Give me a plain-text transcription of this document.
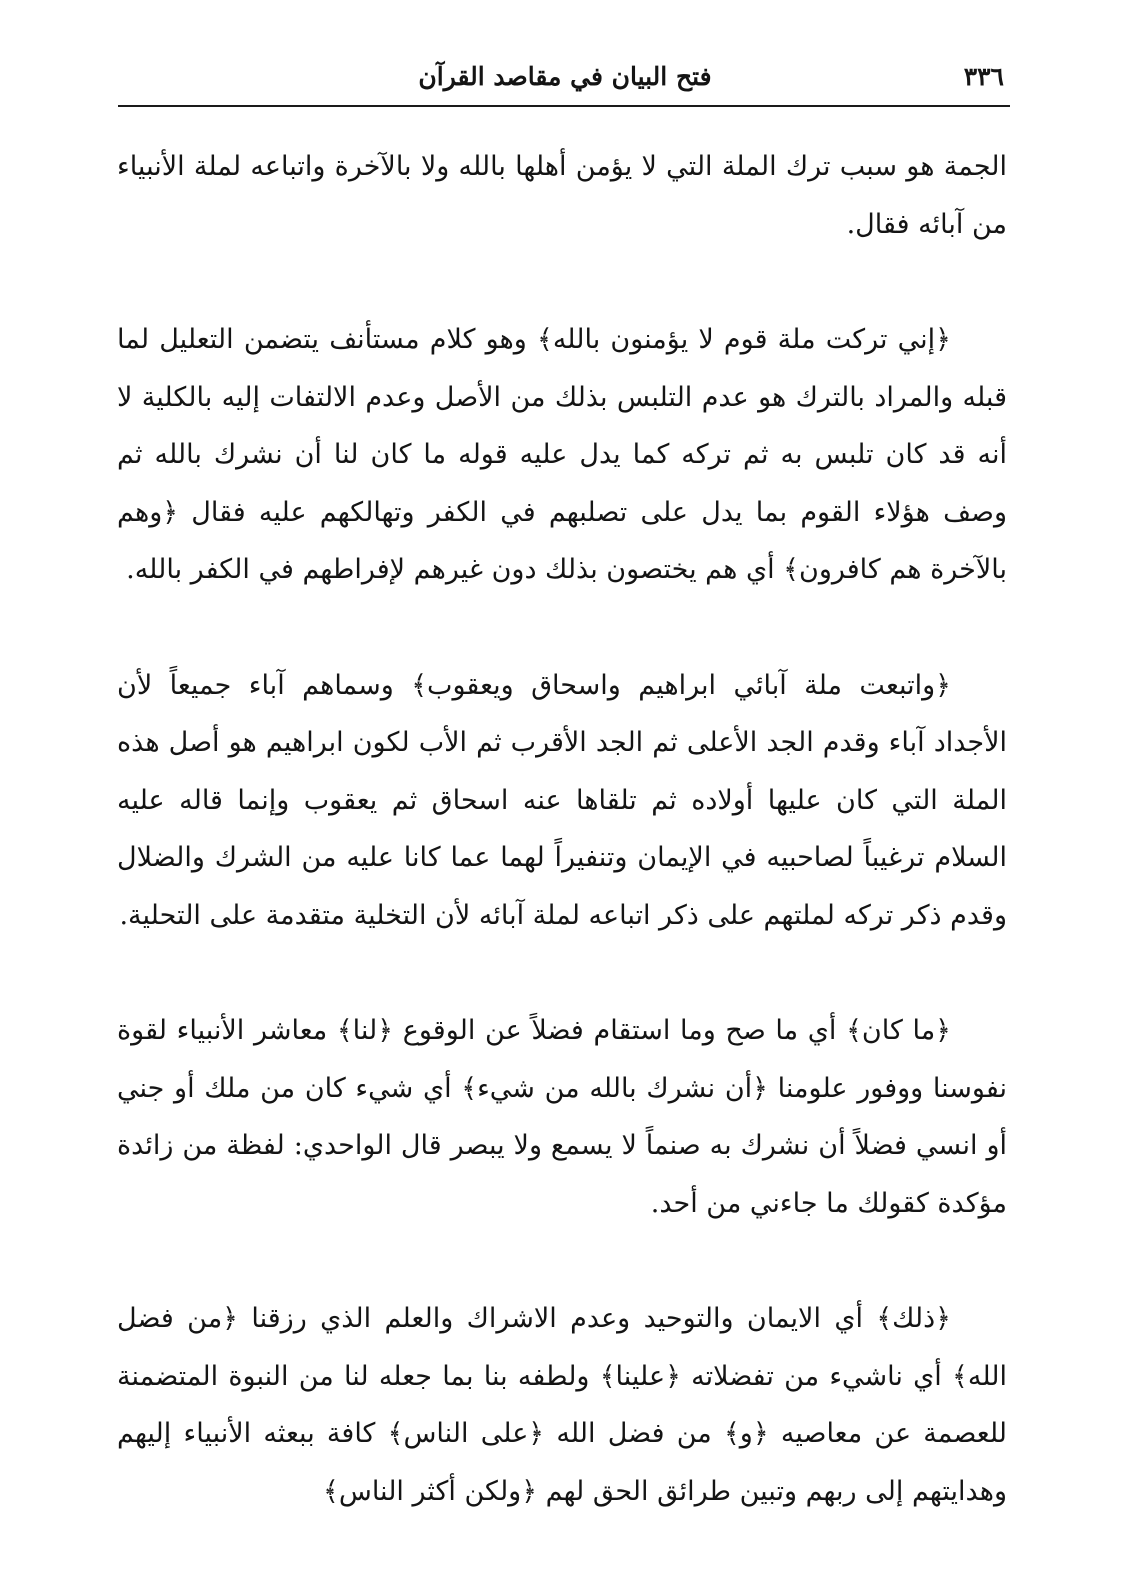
٣٣٦
فتح البيان في مقاصد القرآن

الجمة هو سبب ترك الملة التي لا يؤمن أهلها بالله ولا بالآخرة واتباعه لملة الأنبياء من آبائه فقال.

﴿إني تركت ملة قوم لا يؤمنون بالله﴾ وهو كلام مستأنف يتضمن التعليل لما قبله والمراد بالترك هو عدم التلبس بذلك من الأصل وعدم الالتفات إليه بالكلية لا أنه قد كان تلبس به ثم تركه كما يدل عليه قوله ما كان لنا أن نشرك بالله ثم وصف هؤلاء القوم بما يدل على تصلبهم في الكفر وتهالكهم عليه فقال ﴿وهم بالآخرة هم كافرون﴾ أي هم يختصون بذلك دون غيرهم لإفراطهم في الكفر بالله.

﴿واتبعت ملة آبائي ابراهيم واسحاق ويعقوب﴾ وسماهم آباء جميعاً لأن الأجداد آباء وقدم الجد الأعلى ثم الجد الأقرب ثم الأب لكون ابراهيم هو أصل هذه الملة التي كان عليها أولاده ثم تلقاها عنه اسحاق ثم يعقوب وإنما قاله عليه السلام ترغيباً لصاحبيه في الإيمان وتنفيراً لهما عما كانا عليه من الشرك والضلال وقدم ذكر تركه لملتهم على ذكر اتباعه لملة آبائه لأن التخلية متقدمة على التحلية.

﴿ما كان﴾ أي ما صح وما استقام فضلاً عن الوقوع ﴿لنا﴾ معاشر الأنبياء لقوة نفوسنا ووفور علومنا ﴿أن نشرك بالله من شيء﴾ أي شيء كان من ملك أو جني أو انسي فضلاً أن نشرك به صنماً لا يسمع ولا يبصر قال الواحدي: لفظة من زائدة مؤكدة كقولك ما جاءني من أحد.

﴿ذلك﴾ أي الايمان والتوحيد وعدم الاشراك والعلم الذي رزقنا ﴿من فضل الله﴾ أي ناشيء من تفضلاته ﴿علينا﴾ ولطفه بنا بما جعله لنا من النبوة المتضمنة للعصمة عن معاصيه ﴿و﴾ من فضل الله ﴿على الناس﴾ كافة ببعثه الأنبياء إليهم وهدايتهم إلى ربهم وتبين طرائق الحق لهم ﴿ولكن أكثر الناس﴾
